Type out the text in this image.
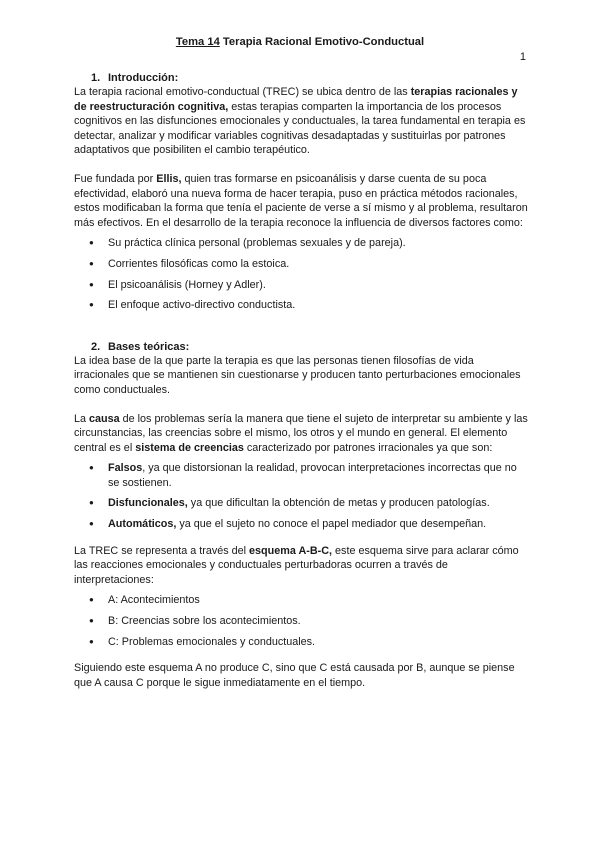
Tema 14 Terapia Racional Emotivo-Conductual
1
1. Introducción:

La terapia racional emotivo-conductual (TREC) se ubica dentro de las terapias racionales y de reestructuración cognitiva, estas terapias comparten la importancia de los procesos cognitivos en las disfunciones emocionales y conductuales, la tarea fundamental en terapia es detectar, analizar y modificar variables cognitivas desadaptadas y sustituirlas por patrones adaptativos que posibiliten el cambio terapéutico.

Fue fundada por Ellis, quien tras formarse en psicoanálisis y darse cuenta de su poca efectividad, elaboró una nueva forma de hacer terapia, puso en práctica métodos racionales, estos modificaban la forma que tenía el paciente de verse a sí mismo y al problema, resultaron más efectivos. En el desarrollo de la terapia reconoce la influencia de diversos factores como:

● Su práctica clínica personal (problemas sexuales y de pareja).
● Corrientes filosóficas como la estoica.
● El psicoanálisis (Horney y Adler).
● El enfoque activo-directivo conductista.
2. Bases teóricas:

La idea base de la que parte la terapia es que las personas tienen filosofías de vida irracionales que se mantienen sin cuestionarse y producen tanto perturbaciones emocionales como conductuales.

La causa de los problemas sería la manera que tiene el sujeto de interpretar su ambiente y las circunstancias, las creencias sobre el mismo, los otros y el mundo en general. El elemento central es el sistema de creencias caracterizado por patrones irracionales ya que son:

● Falsos, ya que distorsionan la realidad, provocan interpretaciones incorrectas que no se sostienen.
● Disfuncionales, ya que dificultan la obtención de metas y producen patologías.
● Automáticos, ya que el sujeto no conoce el papel mediador que desempeñan.

La TREC se representa a través del esquema A-B-C, este esquema sirve para aclarar cómo las reacciones emocionales y conductuales perturbadoras ocurren a través de interpretaciones:

● A: Acontecimientos
● B: Creencias sobre los acontecimientos.
● C: Problemas emocionales y conductuales.

Siguiendo este esquema A no produce C, sino que C está causada por B, aunque se piense que A causa C porque le sigue inmediatamente en el tiempo.
